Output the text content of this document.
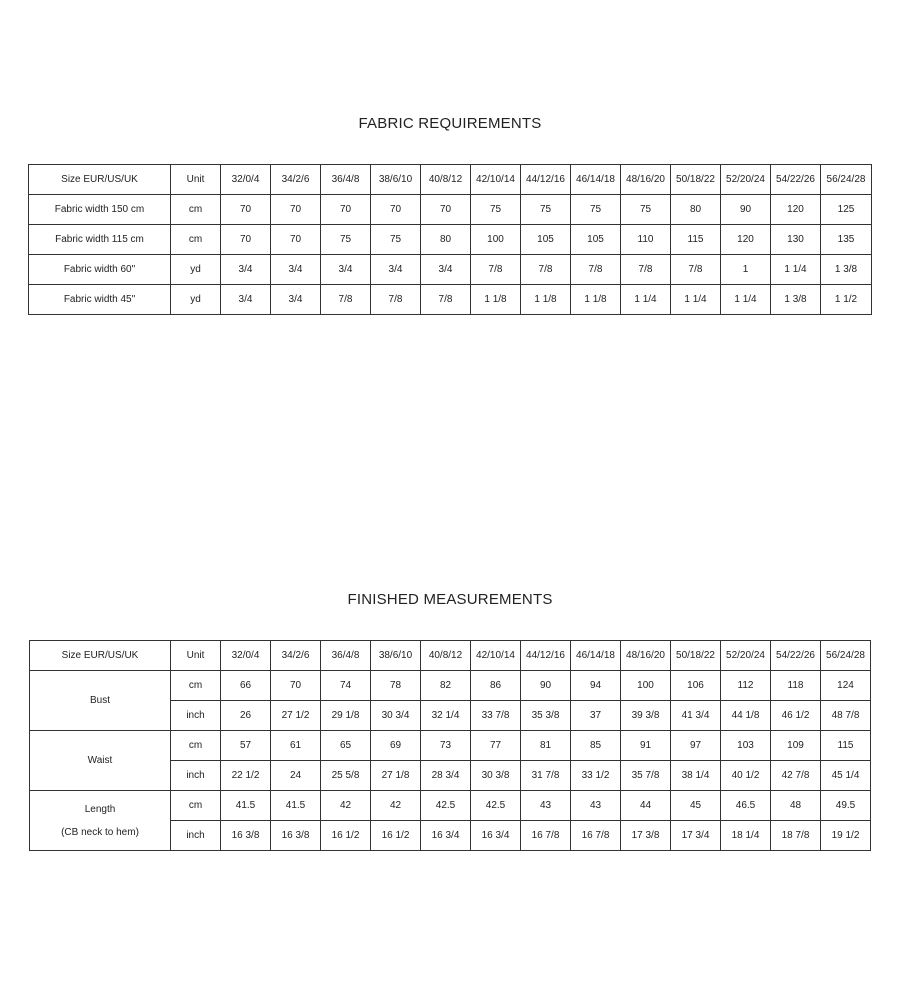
FABRIC REQUIREMENTS
Size EUR/US/UK	Unit	32/0/4	34/2/6	36/4/8	38/6/10	40/8/12	42/10/14	44/12/16	46/14/18	48/16/20	50/18/22	52/20/24	54/22/26	56/24/28
Fabric width 150 cm	cm	70	70	70	70	70	75	75	75	75	80	90	120	125
Fabric width 115 cm	cm	70	70	75	75	80	100	105	105	110	115	120	130	135
Fabric width 60"	yd	3/4	3/4	3/4	3/4	3/4	7/8	7/8	7/8	7/8	7/8	1	1 1/4	1 3/8
Fabric width 45"	yd	3/4	3/4	7/8	7/8	7/8	1 1/8	1 1/8	1 1/8	1 1/4	1 1/4	1 1/4	1 3/8	1 1/2
FINISHED MEASUREMENTS
Size EUR/US/UK	Unit	32/0/4	34/2/6	36/4/8	38/6/10	40/8/12	42/10/14	44/12/16	46/14/18	48/16/20	50/18/22	52/20/24	54/22/26	56/24/28

Bust	cm	66	70	74	78	82	86	90	94	100	106	112	118	124
	inch	26	27 1/2	29 1/8	30 3/4	32 1/4	33 7/8	35 3/8	37	39 3/8	41 3/4	44 1/8	46 1/2	48 7/8

Waist	cm	57	61	65	69	73	77	81	85	91	97	103	109	115
	inch	22 1/2	24	25 5/8	27 1/8	28 3/4	30 3/8	31 7/8	33 1/2	35 7/8	38 1/4	40 1/2	42 7/8	45 1/4

Length
(CB neck to hem)	cm	41.5	41.5	42	42	42.5	42.5	43	43	44	45	46.5	48	49.5
	inch	16 3/8	16 3/8	16 1/2	16 1/2	16 3/4	16 3/4	16 7/8	16 7/8	17 3/8	17 3/4	18 1/4	18 7/8	19 1/2
